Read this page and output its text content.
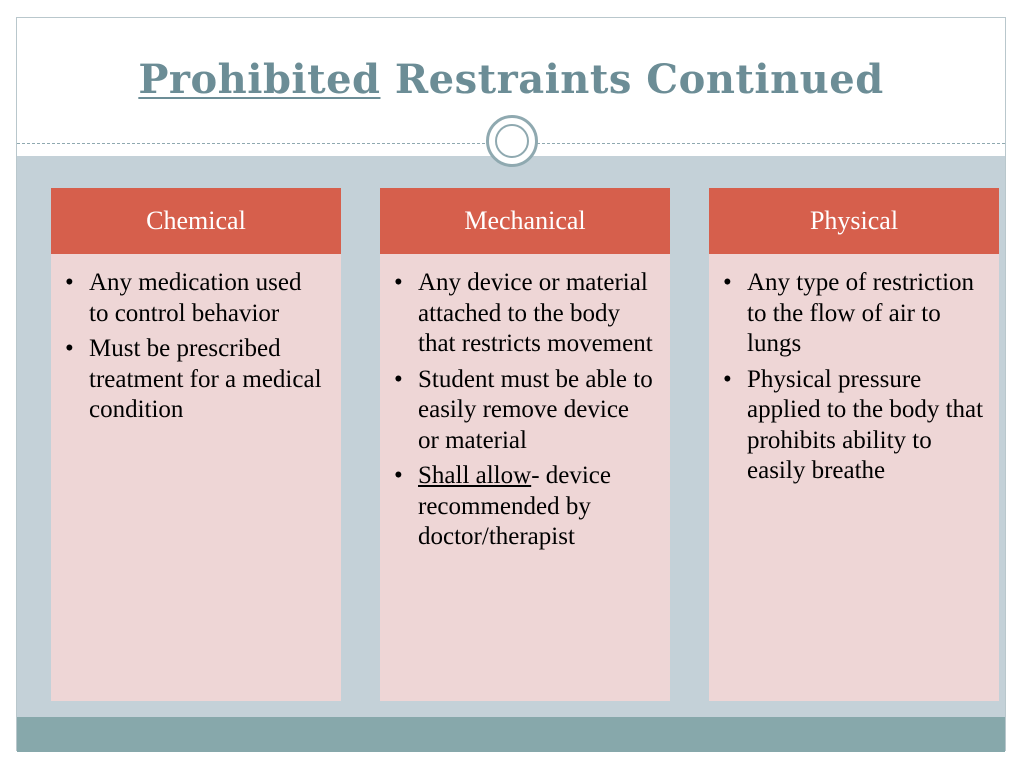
Prohibited Restraints Continued
Chemical
• Any medication used to control behavior
• Must be prescribed treatment for a medical condition
Mechanical
• Any device or material attached to the body that restricts movement
• Student must be able to easily remove device or material
• Shall allow- device recommended by doctor/therapist
Physical
• Any type of restriction to the flow of air to lungs
• Physical pressure applied to the body that prohibits ability to easily breathe
